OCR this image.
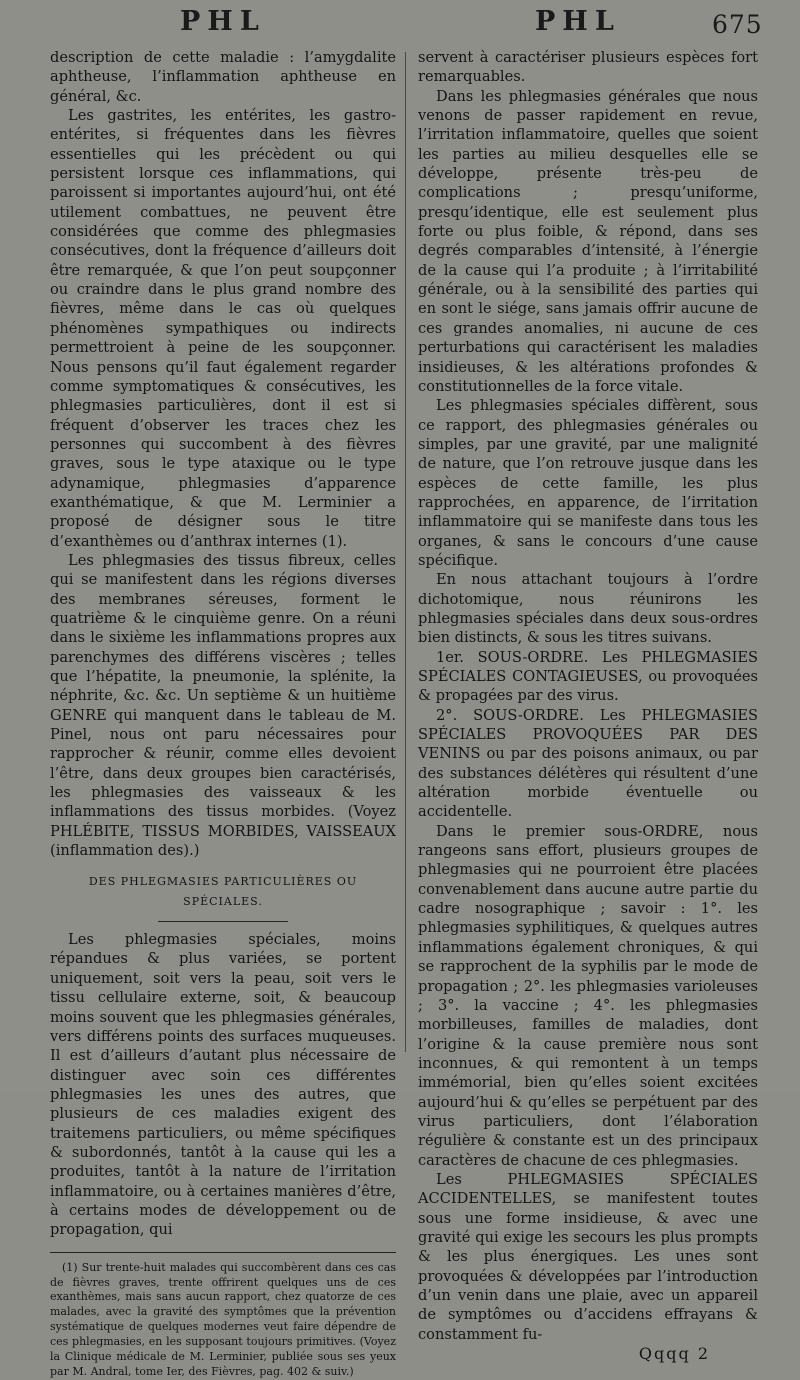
PHL	PHL	675

description de cette maladie : l’amygdalite aphtheuse, l’inflammation aphtheuse en général, &c.

Les gastrites, les entérites, les gastro-entérites, si fréquentes dans les fièvres essentielles qui les précèdent ou qui persistent lorsque ces inflammations, qui paroissent si importantes aujourd’hui, ont été utilement combattues, ne peuvent être considérées que comme des phlegmasies consécutives, dont la fréquence d’ailleurs doit être remarquée, & que l’on peut soupçonner ou craindre dans le plus grand nombre des fièvres, même dans le cas où quelques phénomènes sympathiques ou indirects permettroient à peine de les soupçonner. Nous pensons qu’il faut également regarder comme symptomatiques & consécutives, les phlegmasies particulières, dont il est si fréquent d’observer les traces chez les personnes qui succombent à des fièvres graves, sous le type ataxique ou le type adynamique, phlegmasies d’apparence exanthématique, & que M. Lerminier a proposé de désigner sous le titre d’exanthèmes ou d’anthrax internes (1).

Les phlegmasies des tissus fibreux, celles qui se manifestent dans les régions diverses des membranes séreuses, forment le quatrième & le cinquième genre. On a réuni dans le sixième les inflammations propres aux parenchymes des différens viscères ; telles que l’hépatite, la pneumonie, la splénite, la néphrite, &c. &c. Un septième & un huitième GENRE qui manquent dans le tableau de M. Pinel, nous ont paru nécessaires pour rapprocher & réunir, comme elles devoient l’être, dans deux groupes bien caractérisés, les phlegmasies des vaisseaux & les inflammations des tissus morbides. (Voyez PHLÉBITE, TISSUS MORBIDES, VAISSEAUX (inflammation des).)

DES PHLEGMASIES PARTICULIÈRES OU SPÉCIALES.

Les phlegmasies spéciales, moins répandues & plus variées, se portent uniquement, soit vers la peau, soit vers le tissu cellulaire externe, soit, & beaucoup moins souvent que les phlegmasies générales, vers différens points des surfaces muqueuses. Il est d’ailleurs d’autant plus nécessaire de distinguer avec soin ces différentes phlegmasies les unes des autres, que plusieurs de ces maladies exigent des traitemens particuliers, ou même spécifiques & subordonnés, tantôt à la cause qui les a produites, tantôt à la nature de l’irritation inflammatoire, ou à certaines manières d’être, à certains modes de développement ou de propagation, qui

(1) Sur trente-huit malades qui succombèrent dans ces cas de fièvres graves, trente offrirent quelques uns de ces exanthèmes, mais sans aucun rapport, chez quatorze de ces malades, avec la gravité des symptômes que la prévention systématique de quelques modernes veut faire dépendre de ces phlegmasies, en les supposant toujours primitives. (Voyez la Clinique médicale de M. Lerminier, publiée sous ses yeux par M. Andral, tome Ier, des Fièvres, pag. 402 & suiv.)

servent à caractériser plusieurs espèces fort remarquables.

Dans les phlegmasies générales que nous venons de passer rapidement en revue, l’irritation inflammatoire, quelles que soient les parties au milieu desquelles elle se développe, présente très-peu de complications ; presqu’uniforme, presqu’identique, elle est seulement plus forte ou plus foible, & répond, dans ses degrés comparables d’intensité, à l’énergie de la cause qui l’a produite ; à l’irritabilité générale, ou à la sensibilité des parties qui en sont le siége, sans jamais offrir aucune de ces grandes anomalies, ni aucune de ces perturbations qui caractérisent les maladies insidieuses, & les altérations profondes & constitutionnelles de la force vitale.

Les phlegmasies spéciales diffèrent, sous ce rapport, des phlegmasies générales ou simples, par une gravité, par une malignité de nature, que l’on retrouve jusque dans les espèces de cette famille, les plus rapprochées, en apparence, de l’irritation inflammatoire qui se manifeste dans tous les organes, & sans le concours d’une cause spécifique.

En nous attachant toujours à l’ordre dichotomique, nous réunirons les phlegmasies spéciales dans deux sous-ordres bien distincts, & sous les titres suivans.

1er. SOUS-ORDRE. Les PHLEGMASIES SPÉCIALES CONTAGIEUSES, ou provoquées & propagées par des virus.

2°. SOUS-ORDRE. Les PHLEGMASIES SPÉCIALES PROVOQUÉES PAR DES VENINS ou par des poisons animaux, ou par des substances délétères qui résultent d’une altération morbide éventuelle ou accidentelle.

Dans le premier sous-ORDRE, nous rangeons sans effort, plusieurs groupes de phlegmasies qui ne pourroient être placées convenablement dans aucune autre partie du cadre nosographique ; savoir : 1°. les phlegmasies syphilitiques, & quelques autres inflammations également chroniques, & qui se rapprochent de la syphilis par le mode de propagation ; 2°. les phlegmasies varioleuses ; 3°. la vaccine ; 4°. les phlegmasies morbilleuses, familles de maladies, dont l’origine & la cause première nous sont inconnues, & qui remontent à un temps immémorial, bien qu’elles soient excitées aujourd’hui & qu’elles se perpétuent par des virus particuliers, dont l’élaboration régulière & constante est un des principaux caractères de chacune de ces phlegmasies.

Les PHLEGMASIES SPÉCIALES ACCIDENTELLES, se manifestent toutes sous une forme insidieuse, & avec une gravité qui exige les secours les plus prompts & les plus énergiques. Les unes sont provoquées & développées par l’introduction d’un venin dans une plaie, avec un appareil de symptômes ou d’accidens effrayans & constamment fu-

Qqqq 2
